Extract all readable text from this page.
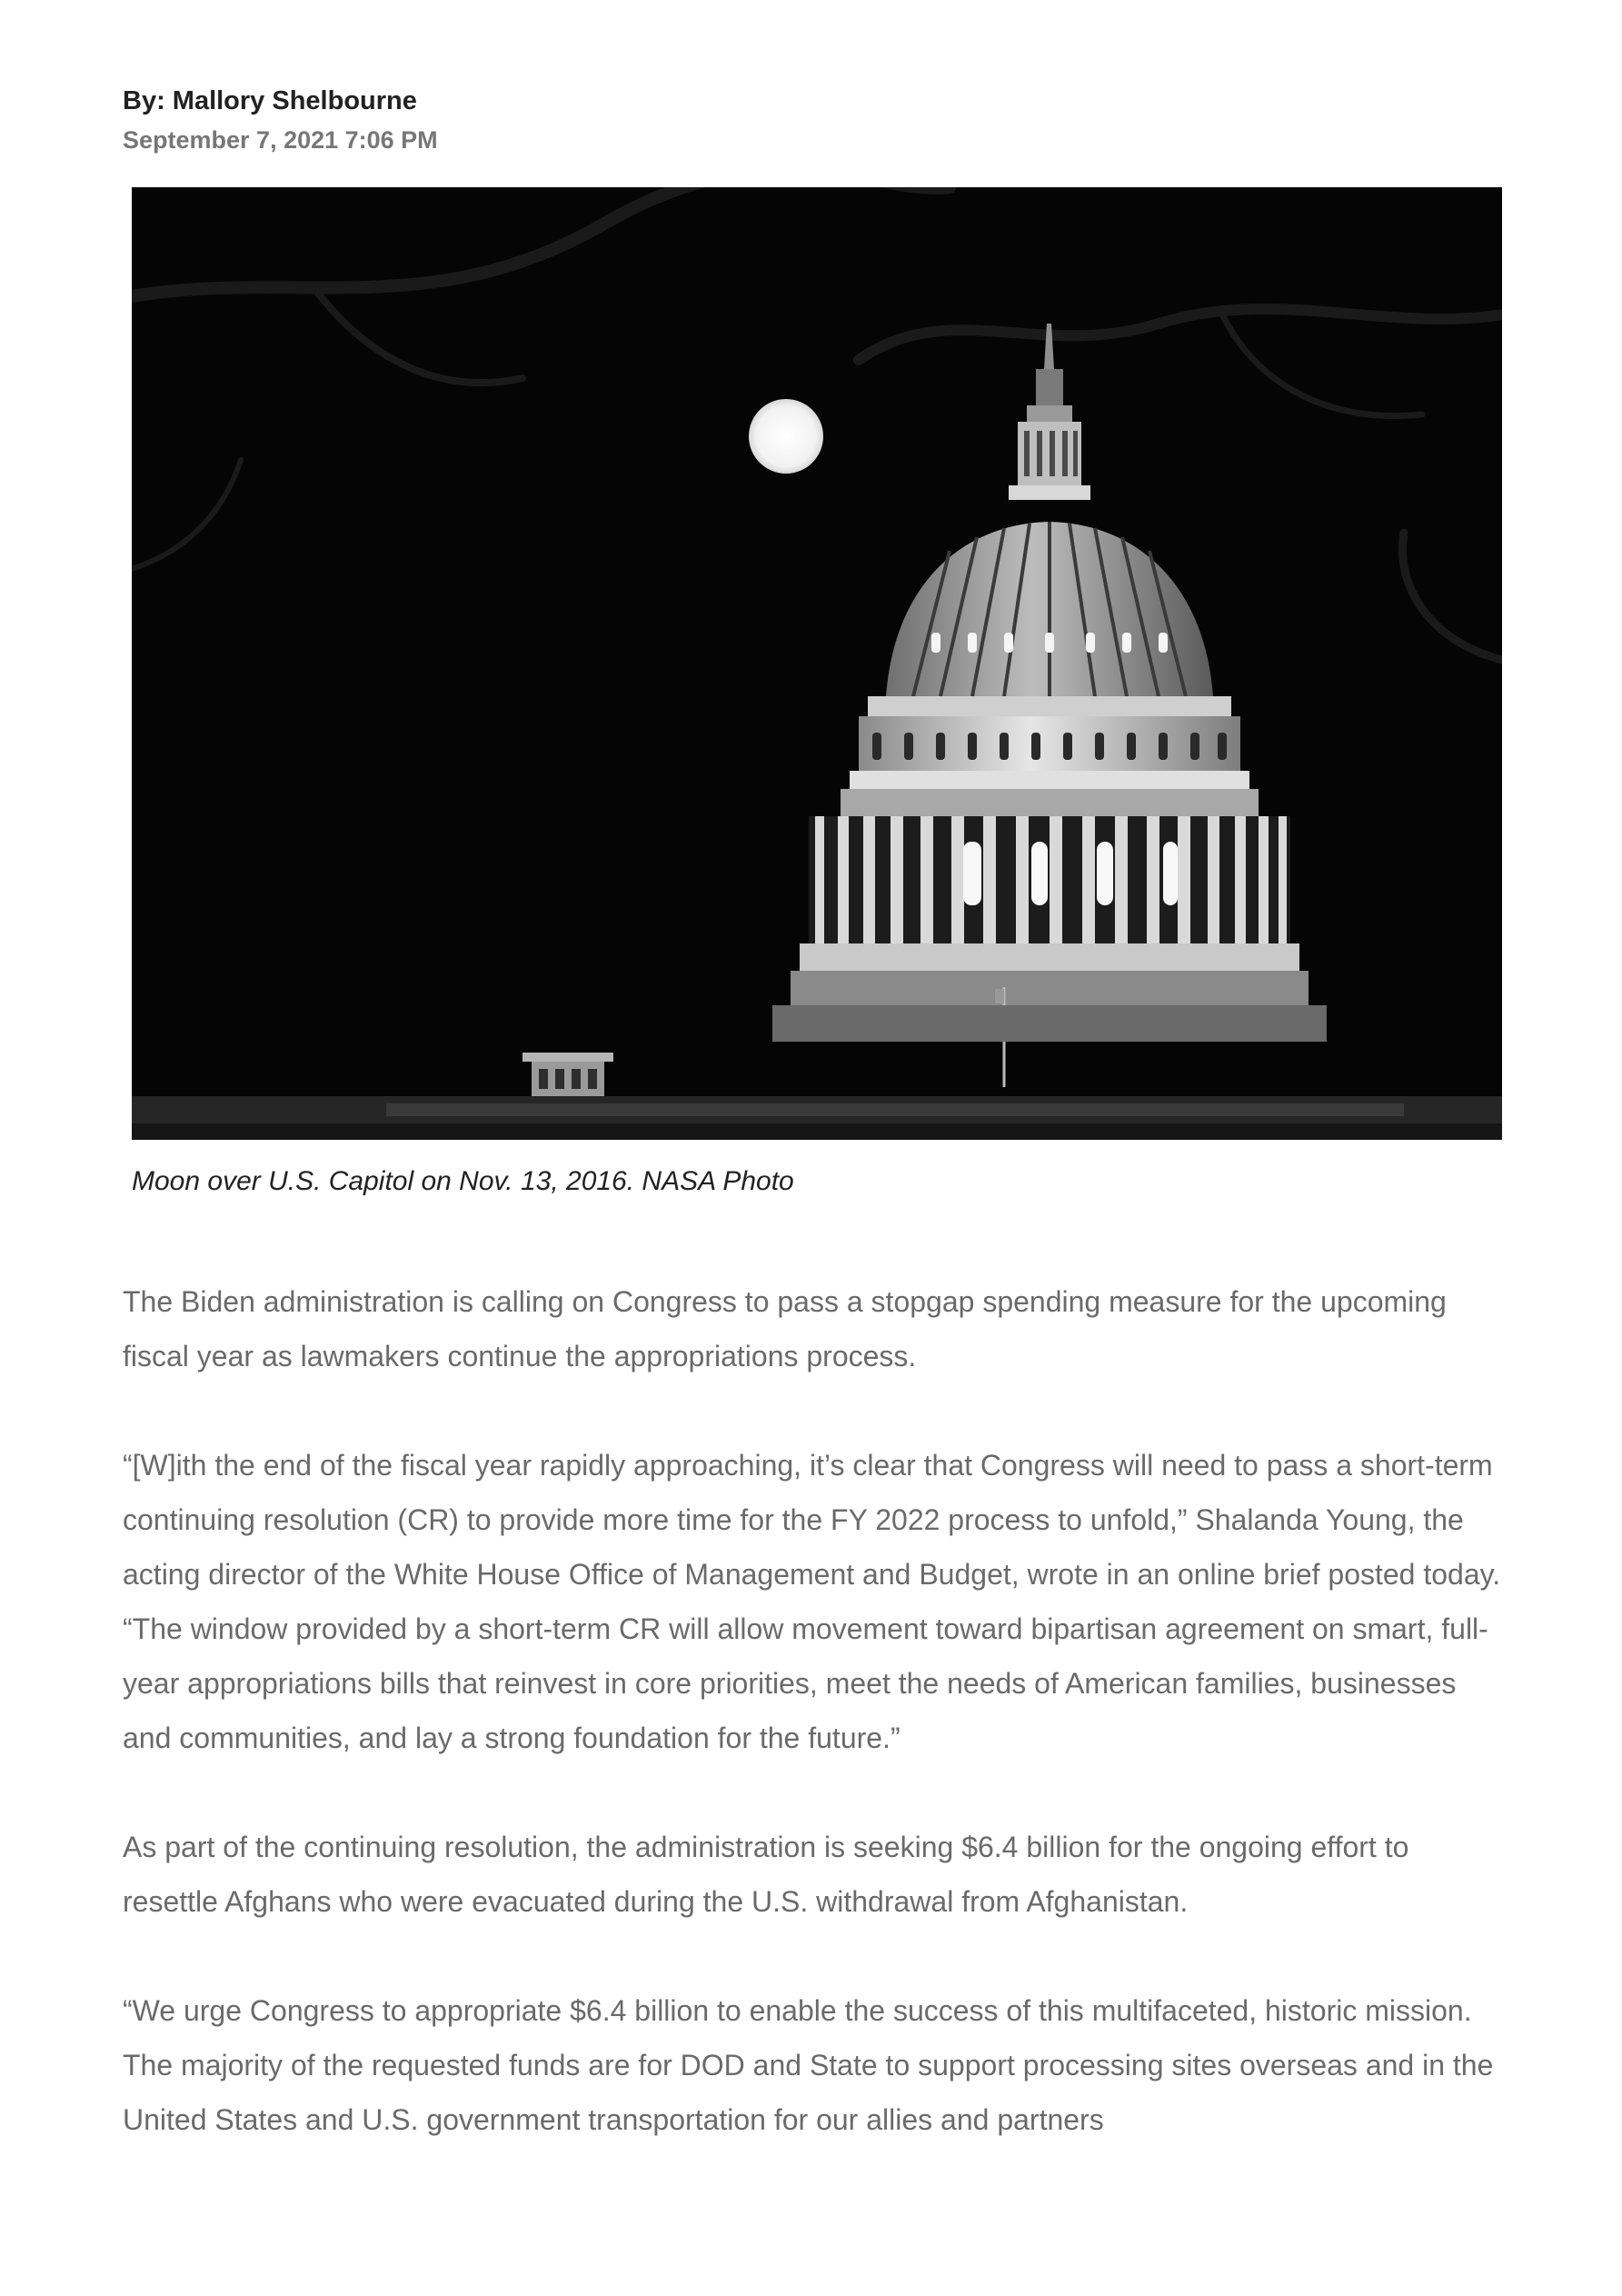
By: Mallory Shelbourne

September 7, 2021 7:06 PM

Moon over U.S. Capitol on Nov. 13, 2016. NASA Photo

The Biden administration is calling on Congress to pass a stopgap spending measure for the upcoming fiscal year as lawmakers continue the appropriations process.

“[W]ith the end of the fiscal year rapidly approaching, it’s clear that Congress will need to pass a short-term continuing resolution (CR) to provide more time for the FY 2022 process to unfold,” Shalanda Young, the acting director of the White House Office of Management and Budget, wrote in an online brief posted today. “The window provided by a short-term CR will allow movement toward bipartisan agreement on smart, full-year appropriations bills that reinvest in core priorities, meet the needs of American families, businesses and communities, and lay a strong foundation for the future.”

As part of the continuing resolution, the administration is seeking $6.4 billion for the ongoing effort to resettle Afghans who were evacuated during the U.S. withdrawal from Afghanistan.

“We urge Congress to appropriate $6.4 billion to enable the success of this multifaceted, historic mission. The majority of the requested funds are for DOD and State to support processing sites overseas and in the United States and U.S. government transportation for our allies and partners
